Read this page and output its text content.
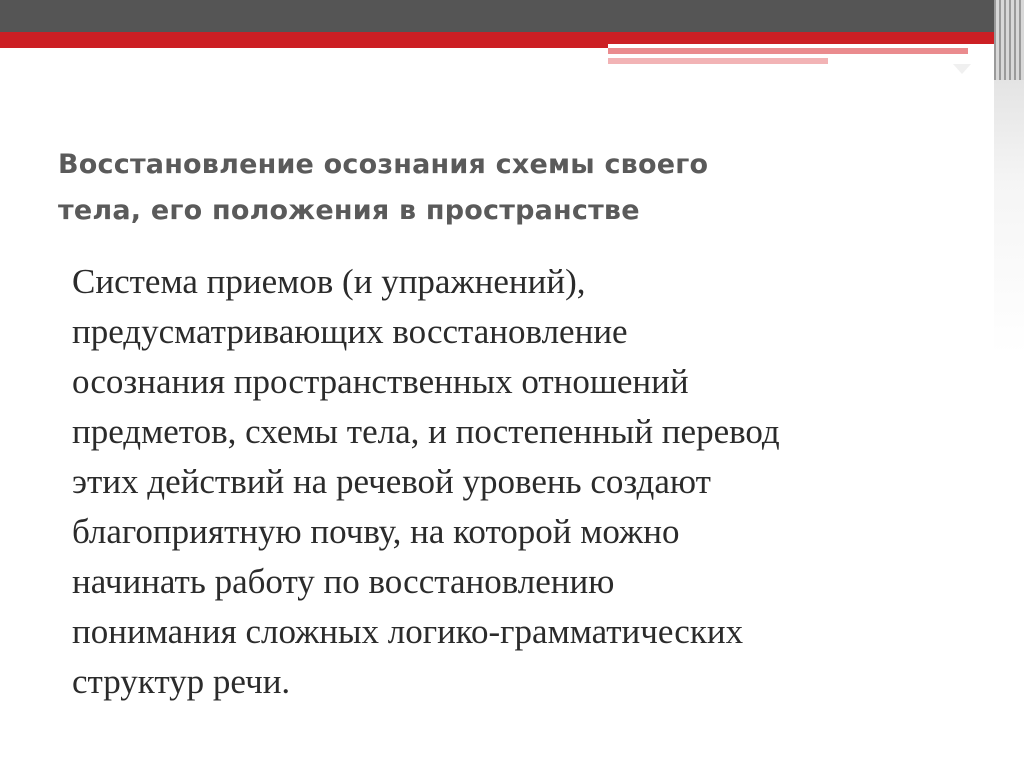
Восстановление осознания схемы своего
тела, его положения в пространстве

Система приемов (и упражнений),
предусматривающих восстановление
осознания пространственных отношений
предметов, схемы тела, и постепенный перевод
этих действий на речевой уровень создают
благоприятную почву, на которой можно
начинать работу по восстановлению
понимания сложных логико-грамматических
структур речи.
